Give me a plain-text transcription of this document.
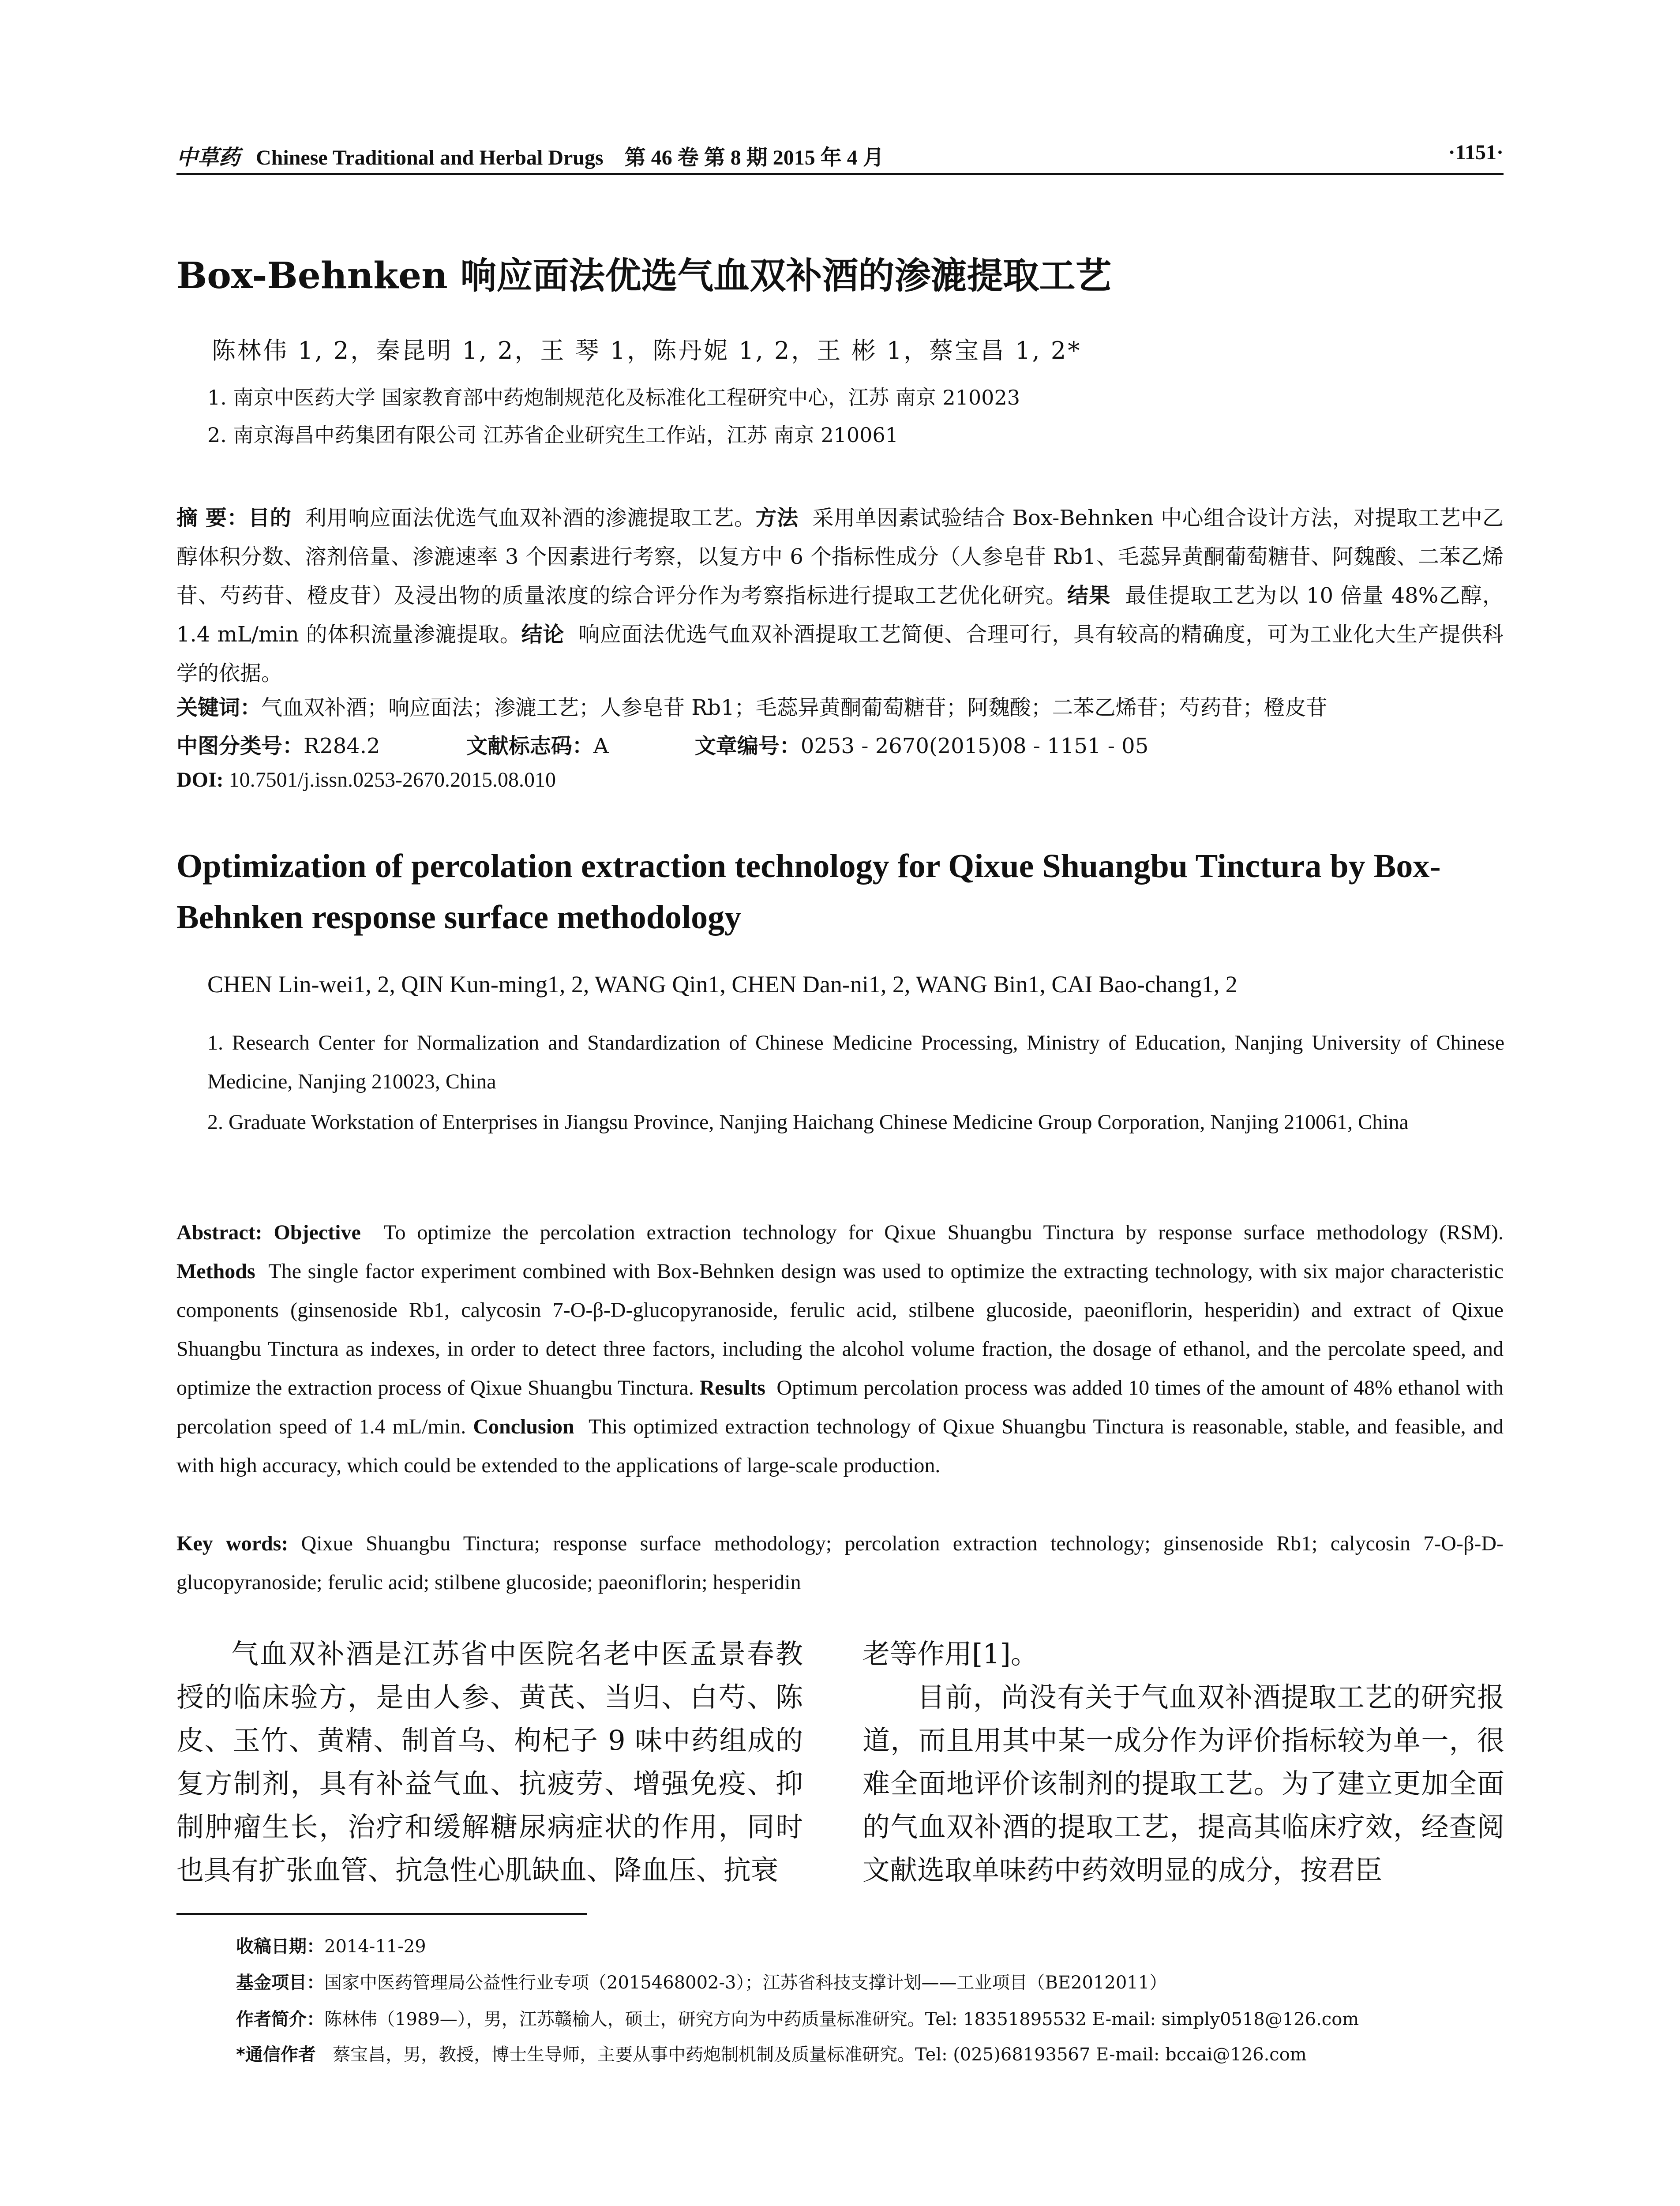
中草药 Chinese Traditional and Herbal Drugs 第 46 卷 第 8 期 2015 年 4 月	·1151·
Box-Behnken 响应面法优选气血双补酒的渗漉提取工艺
陈林伟 1, 2，秦昆明 1, 2，王 琴 1，陈丹妮 1, 2，王 彬 1，蔡宝昌 1, 2*
1. 南京中医药大学 国家教育部中药炮制规范化及标准化工程研究中心，江苏 南京 210023
2. 南京海昌中药集团有限公司 江苏省企业研究生工作站，江苏 南京 210061
摘 要：目的 利用响应面法优选气血双补酒的渗漉提取工艺。方法 采用单因素试验结合 Box-Behnken 中心组合设计方法，对提取工艺中乙醇体积分数、溶剂倍量、渗漉速率 3 个因素进行考察，以复方中 6 个指标性成分（人参皂苷 Rb1、毛蕊异黄酮葡萄糖苷、阿魏酸、二苯乙烯苷、芍药苷、橙皮苷）及浸出物的质量浓度的综合评分作为考察指标进行提取工艺优化研究。结果 最佳提取工艺为以 10 倍量 48%乙醇，1.4 mL/min 的体积流量渗漉提取。结论 响应面法优选气血双补酒提取工艺简便、合理可行，具有较高的精确度，可为工业化大生产提供科学的依据。
关键词：气血双补酒；响应面法；渗漉工艺；人参皂苷 Rb1；毛蕊异黄酮葡萄糖苷；阿魏酸；二苯乙烯苷；芍药苷；橙皮苷
中图分类号：R284.2	文献标志码：A	文章编号：0253 - 2670(2015)08 - 1151 - 05
DOI: 10.7501/j.issn.0253-2670.2015.08.010
Optimization of percolation extraction technology for Qixue Shuangbu Tinctura by Box-Behnken response surface methodology
CHEN Lin-wei1, 2, QIN Kun-ming1, 2, WANG Qin1, CHEN Dan-ni1, 2, WANG Bin1, CAI Bao-chang1, 2
1. Research Center for Normalization and Standardization of Chinese Medicine Processing, Ministry of Education, Nanjing University of Chinese Medicine, Nanjing 210023, China
2. Graduate Workstation of Enterprises in Jiangsu Province, Nanjing Haichang Chinese Medicine Group Corporation, Nanjing 210061, China
Abstract: Objective To optimize the percolation extraction technology for Qixue Shuangbu Tinctura by response surface methodology (RSM). Methods The single factor experiment combined with Box-Behnken design was used to optimize the extracting technology, with six major characteristic components (ginsenoside Rb1, calycosin 7-O-β-D-glucopyranoside, ferulic acid, stilbene glucoside, paeoniflorin, hesperidin) and extract of Qixue Shuangbu Tinctura as indexes, in order to detect three factors, including the alcohol volume fraction, the dosage of ethanol, and the percolate speed, and optimize the extraction process of Qixue Shuangbu Tinctura. Results Optimum percolation process was added 10 times of the amount of 48% ethanol with percolation speed of 1.4 mL/min. Conclusion This optimized extraction technology of Qixue Shuangbu Tinctura is reasonable, stable, and feasible, and with high accuracy, which could be extended to the applications of large-scale production.
Key words: Qixue Shuangbu Tinctura; response surface methodology; percolation extraction technology; ginsenoside Rb1; calycosin 7-O-β-D-glucopyranoside; ferulic acid; stilbene glucoside; paeoniflorin; hesperidin
气血双补酒是江苏省中医院名老中医孟景春教授的临床验方，是由人参、黄芪、当归、白芍、陈皮、玉竹、黄精、制首乌、枸杞子 9 味中药组成的复方制剂，具有补益气血、抗疲劳、增强免疫、抑制肿瘤生长，治疗和缓解糖尿病症状的作用，同时也具有扩张血管、抗急性心肌缺血、降血压、抗衰
老等作用[1]。
目前，尚没有关于气血双补酒提取工艺的研究报道，而且用其中某一成分作为评价指标较为单一，很难全面地评价该制剂的提取工艺。为了建立更加全面的气血双补酒的提取工艺，提高其临床疗效，经查阅文献选取单味药中药效明显的成分，按君臣
收稿日期：2014-11-29
基金项目：国家中医药管理局公益性行业专项（2015468002-3）；江苏省科技支撑计划——工业项目（BE2012011）
作者简介：陈林伟（1989—），男，江苏赣榆人，硕士，研究方向为中药质量标准研究。Tel: 18351895532 E-mail: simply0518@126.com
*通信作者 蔡宝昌，男，教授，博士生导师，主要从事中药炮制机制及质量标准研究。Tel: (025)68193567 E-mail: bccai@126.com
